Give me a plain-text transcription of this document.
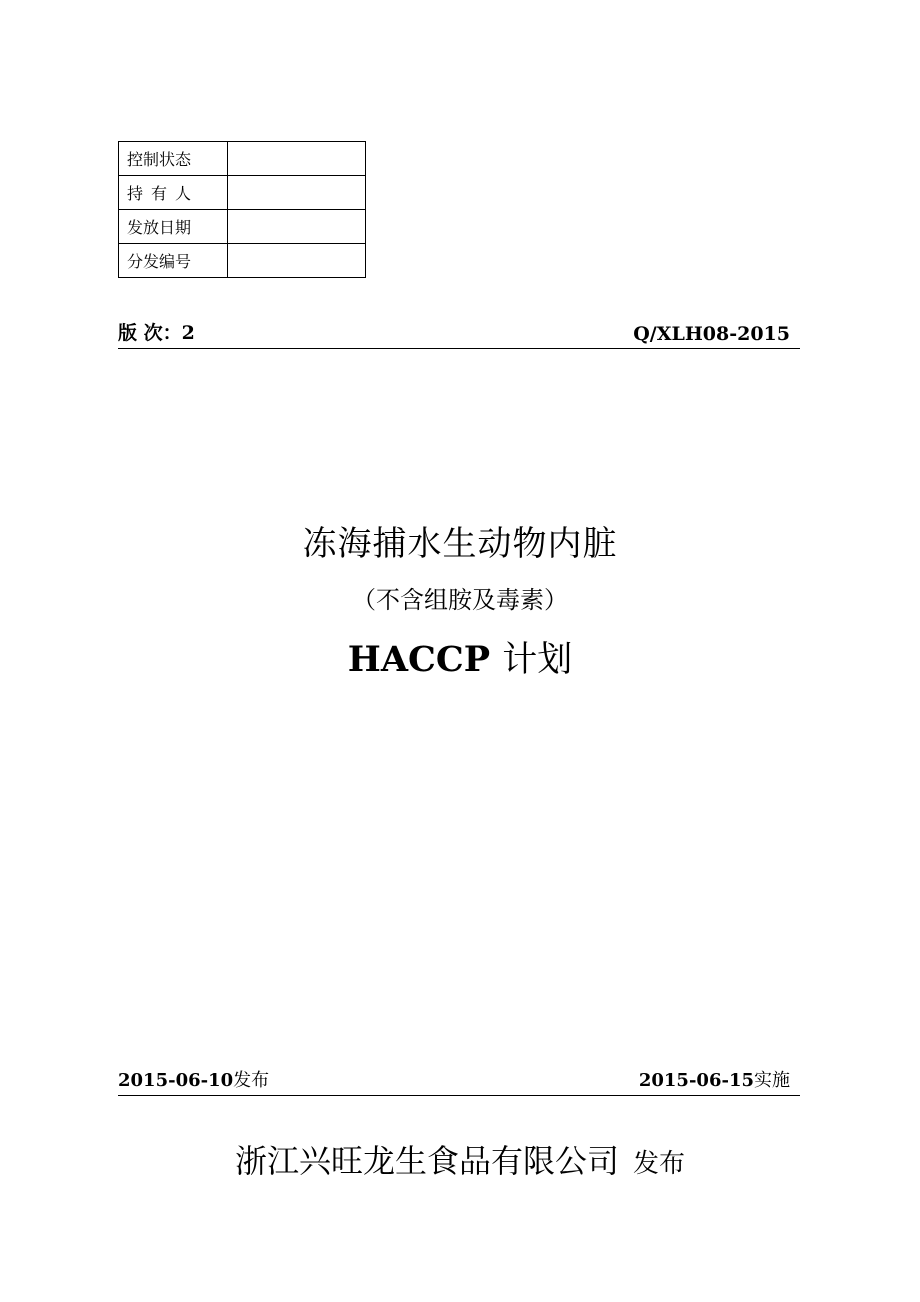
控制状态	
持有人	
发放日期	
分发编号	
版 次：2	Q/XLH08-2015
冻海捕水生动物内脏
（不含组胺及毒素）
HACCP 计划
2015-06-10发布	2015-06-15实施
浙江兴旺龙生食品有限公司 发布
